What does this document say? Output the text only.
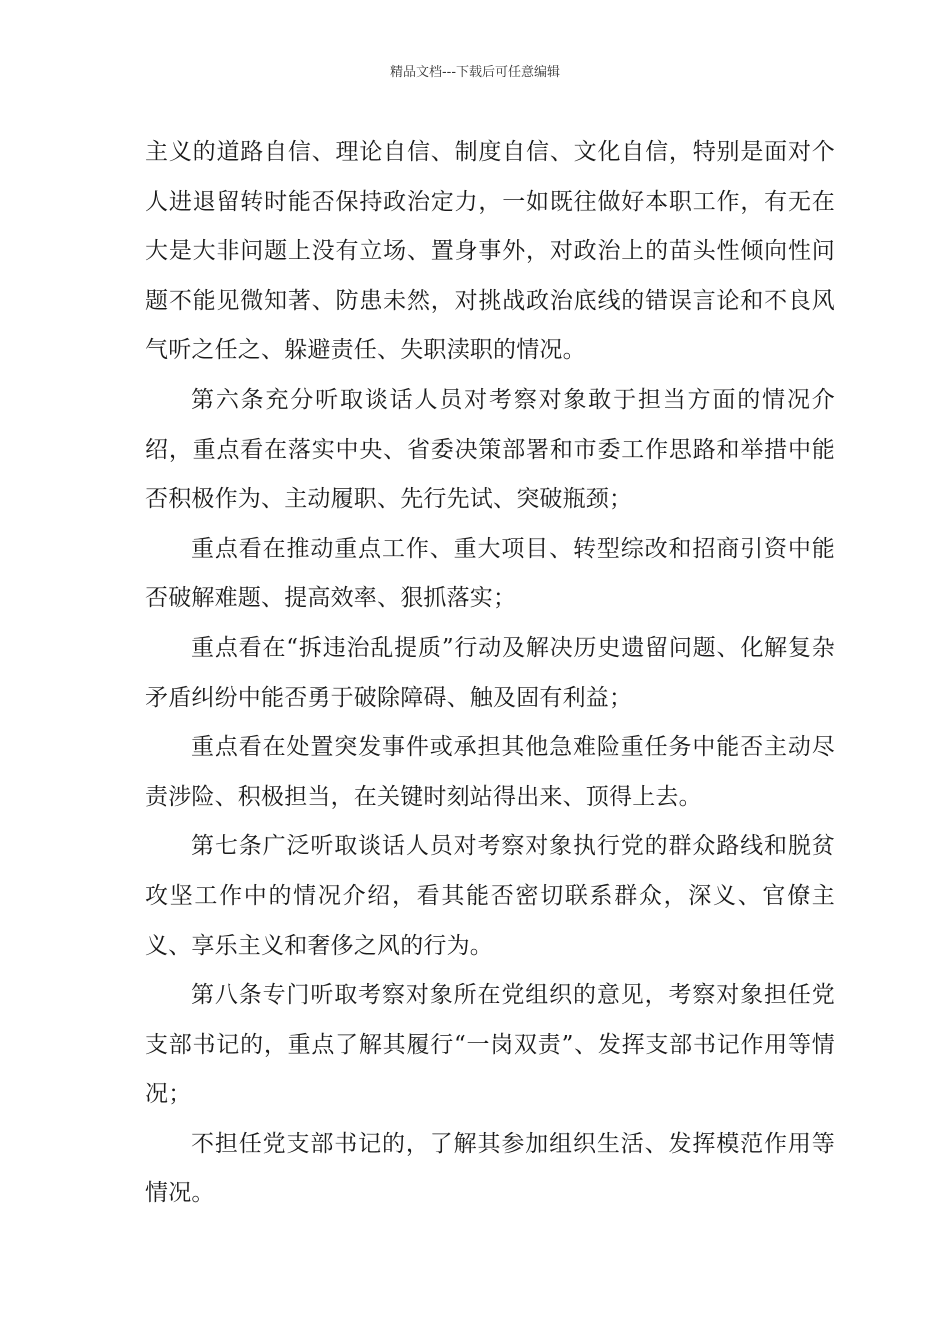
精品文档---下载后可任意编辑

主义的道路自信、理论自信、制度自信、文化自信，特别是面对个人进退留转时能否保持政治定力，一如既往做好本职工作，有无在大是大非问题上没有立场、置身事外，对政治上的苗头性倾向性问题不能见微知著、防患未然，对挑战政治底线的错误言论和不良风气听之任之、躲避责任、失职渎职的情况。

第六条充分听取谈话人员对考察对象敢于担当方面的情况介绍，重点看在落实中央、省委决策部署和市委工作思路和举措中能否积极作为、主动履职、先行先试、突破瓶颈；

重点看在推动重点工作、重大项目、转型综改和招商引资中能否破解难题、提高效率、狠抓落实；

重点看在“拆违治乱提质”行动及解决历史遗留问题、化解复杂矛盾纠纷中能否勇于破除障碍、触及固有利益；

重点看在处置突发事件或承担其他急难险重任务中能否主动尽责涉险、积极担当，在关键时刻站得出来、顶得上去。

第七条广泛听取谈话人员对考察对象执行党的群众路线和脱贫攻坚工作中的情况介绍，看其能否密切联系群众，深义、官僚主义、享乐主义和奢侈之风的行为。

第八条专门听取考察对象所在党组织的意见，考察对象担任党支部书记的，重点了解其履行“一岗双责”、发挥支部书记作用等情况；

不担任党支部书记的，了解其参加组织生活、发挥模范作用等情况。
